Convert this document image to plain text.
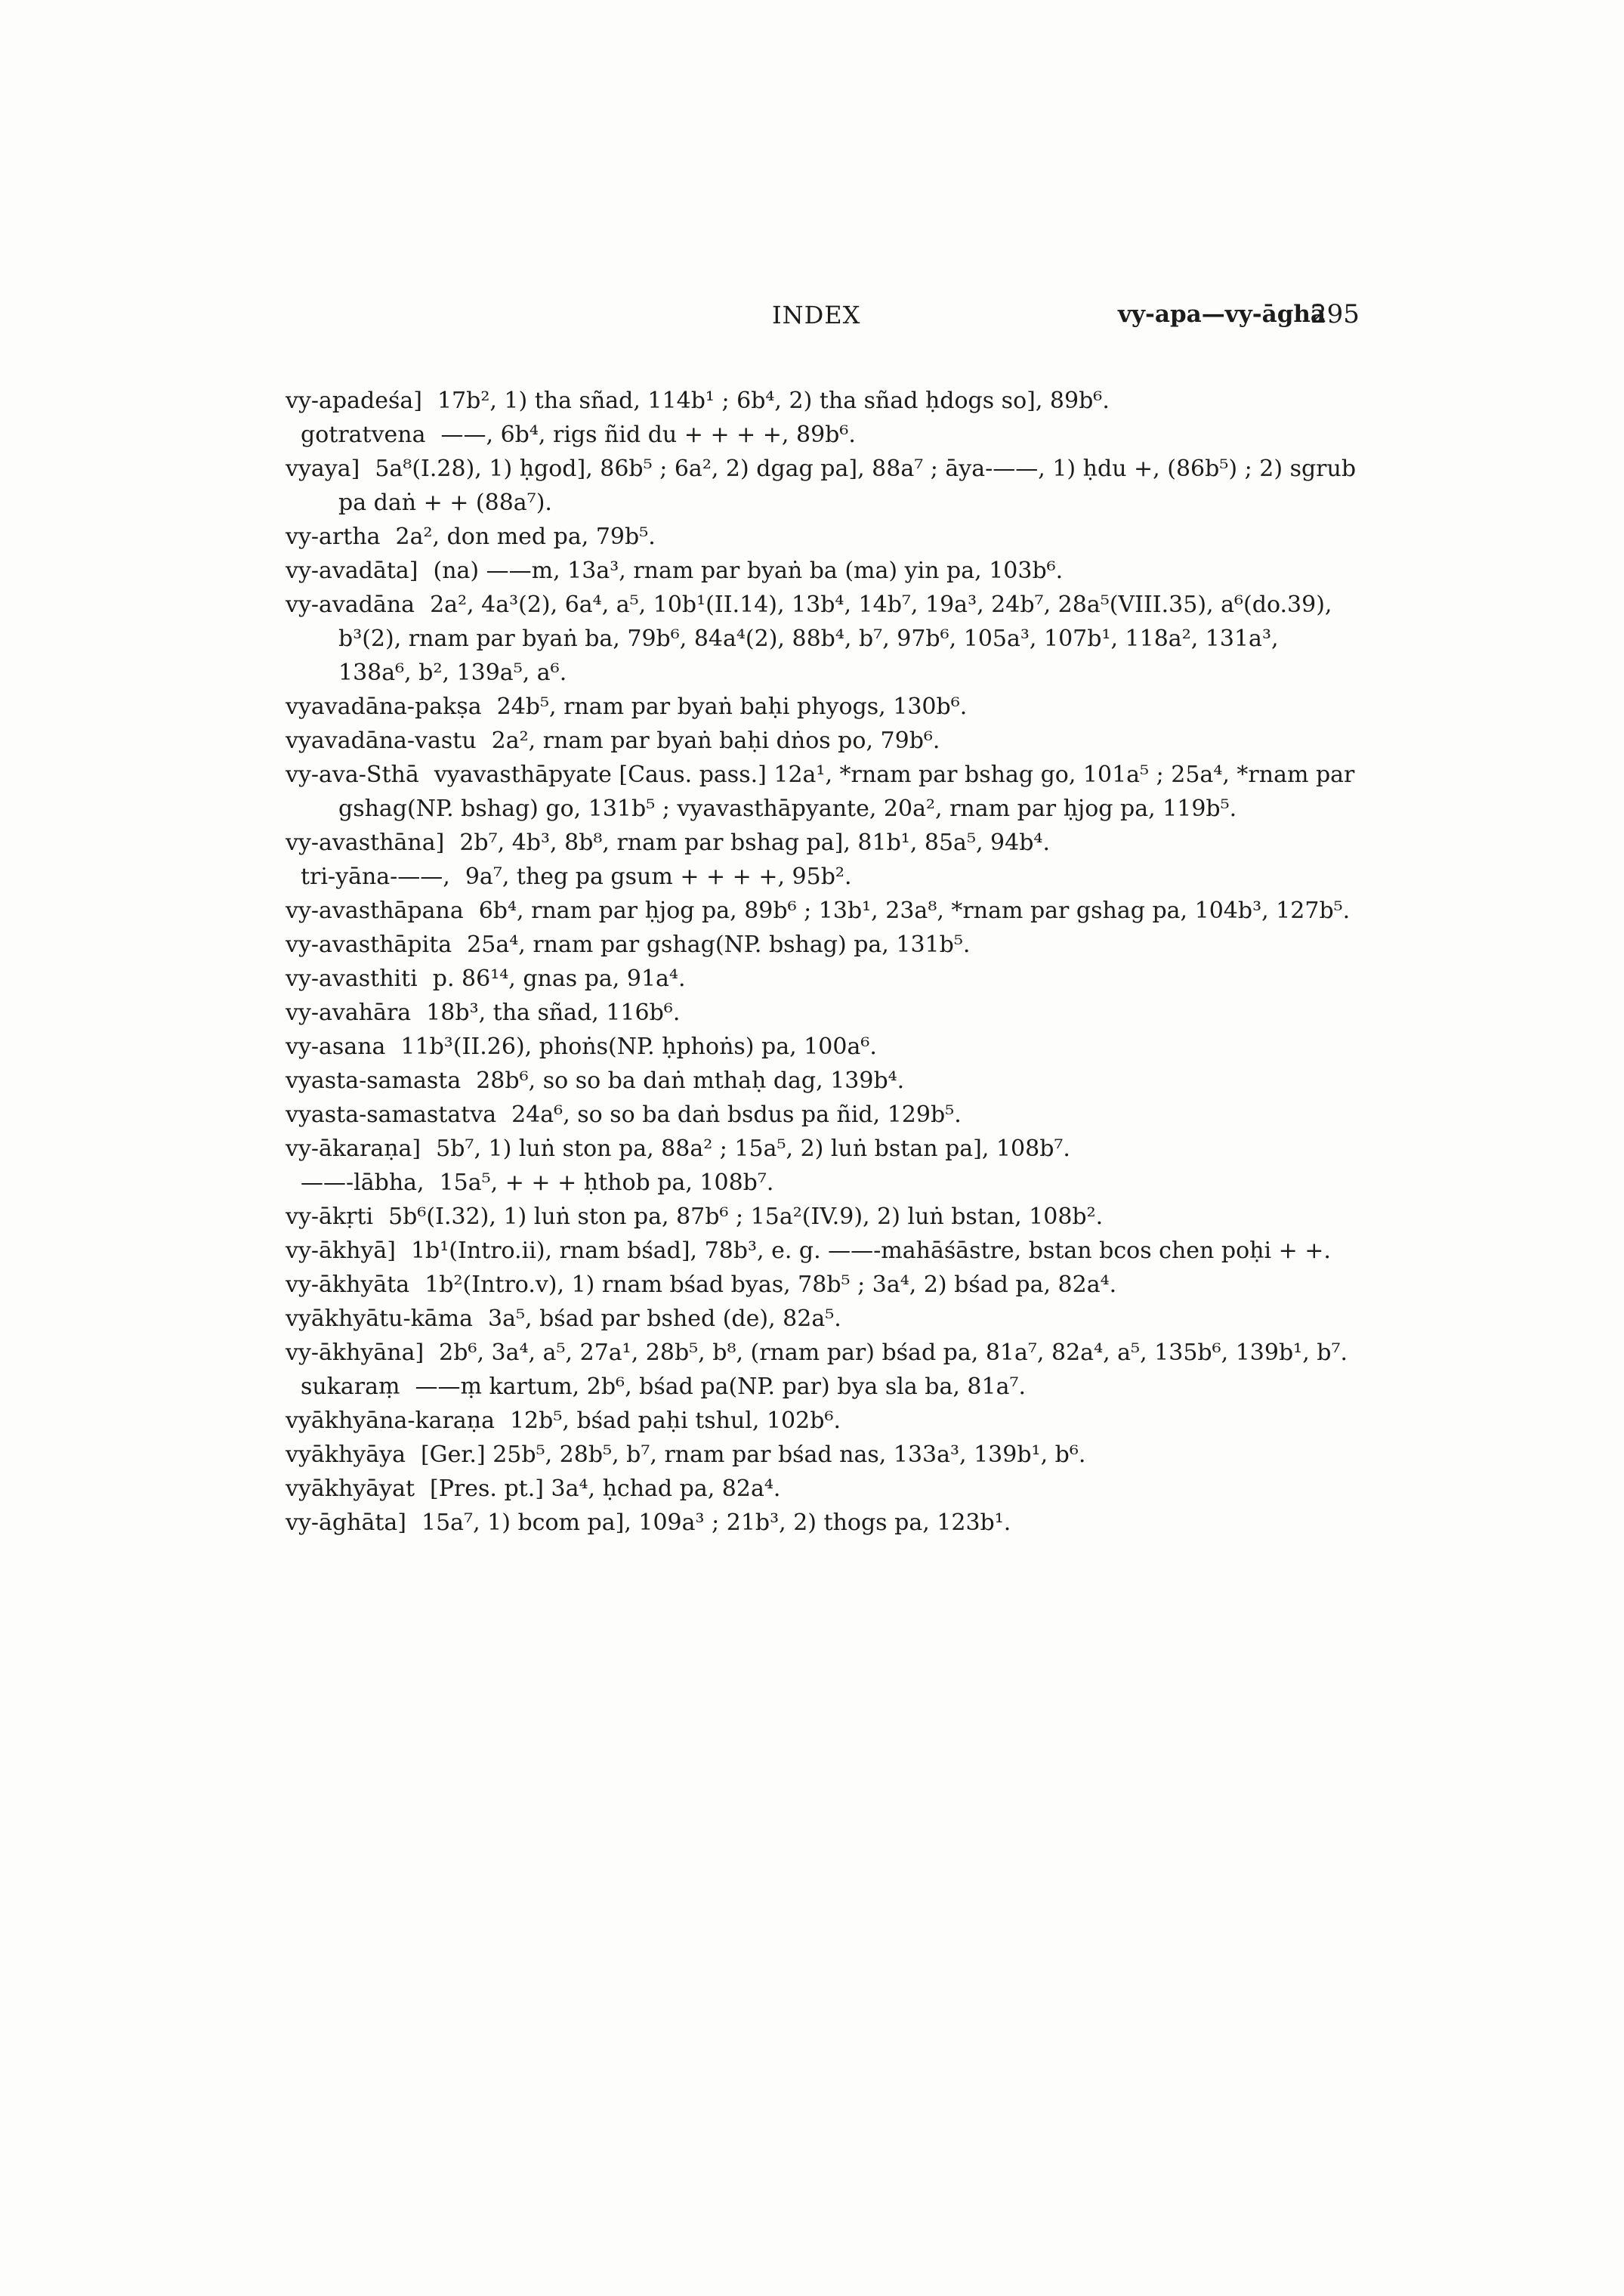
INDEX	vy-apa—vy-āghā
295

vy-apadeśa] 17b², 1) tha sñad, 114b¹ ; 6b⁴, 2) tha sñad ḥdogs so], 89b⁶.

gotratvena ——, 6b⁴, rigs ñid du + + + +, 89b⁶.

vyaya] 5a⁸(I.28), 1) ḥgod], 86b⁵ ; 6a², 2) dgag pa], 88a⁷ ; āya-——, 1) ḥdu +, (86b⁵) ; 2) sgrub pa daṅ + + (88a⁷).

vy-artha 2a², don med pa, 79b⁵.

vy-avadāta] (na) ——m, 13a³, rnam par byaṅ ba (ma) yin pa, 103b⁶.

vy-avadāna 2a², 4a³(2), 6a⁴, a⁵, 10b¹(II.14), 13b⁴, 14b⁷, 19a³, 24b⁷, 28a⁵(VIII.35), a⁶(do.39), b³(2), rnam par byaṅ ba, 79b⁶, 84a⁴(2), 88b⁴, b⁷, 97b⁶, 105a³, 107b¹, 118a², 131a³, 138a⁶, b², 139a⁵, a⁶.

vyavadāna-pakṣa 24b⁵, rnam par byaṅ baḥi phyogs, 130b⁶.

vyavadāna-vastu 2a², rnam par byaṅ baḥi dṅos po, 79b⁶.

vy-ava-Sthā vyavasthāpyate [Caus. pass.] 12a¹, *rnam par bshag go, 101a⁵ ; 25a⁴, *rnam par gshag(NP. bshag) go, 131b⁵ ; vyavasthāpyante, 20a², rnam par ḥjog pa, 119b⁵.

vy-avasthāna] 2b⁷, 4b³, 8b⁸, rnam par bshag pa], 81b¹, 85a⁵, 94b⁴.

tri-yāna-——, 9a⁷, theg pa gsum + + + +, 95b².

vy-avasthāpana 6b⁴, rnam par ḥjog pa, 89b⁶ ; 13b¹, 23a⁸, *rnam par gshag pa, 104b³, 127b⁵.

vy-avasthāpita 25a⁴, rnam par gshag(NP. bshag) pa, 131b⁵.

vy-avasthiti p. 86¹⁴, gnas pa, 91a⁴.

vy-avahāra 18b³, tha sñad, 116b⁶.

vy-asana 11b³(II.26), phoṅs(NP. ḥphoṅs) pa, 100a⁶.

vyasta-samasta 28b⁶, so so ba daṅ mthaḥ dag, 139b⁴.

vyasta-samastatva 24a⁶, so so ba daṅ bsdus pa ñid, 129b⁵.

vy-ākaraṇa] 5b⁷, 1) luṅ ston pa, 88a² ; 15a⁵, 2) luṅ bstan pa], 108b⁷.

——-lābha, 15a⁵, + + + ḥthob pa, 108b⁷.

vy-ākṛti 5b⁶(I.32), 1) luṅ ston pa, 87b⁶ ; 15a²(IV.9), 2) luṅ bstan, 108b².

vy-ākhyā] 1b¹(Intro.ii), rnam bśad], 78b³, e. g. ——-mahāśāstre, bstan bcos chen poḥi + +.

vy-ākhyāta 1b²(Intro.v), 1) rnam bśad byas, 78b⁵ ; 3a⁴, 2) bśad pa, 82a⁴.

vyākhyātu-kāma 3a⁵, bśad par bshed (de), 82a⁵.

vy-ākhyāna] 2b⁶, 3a⁴, a⁵, 27a¹, 28b⁵, b⁸, (rnam par) bśad pa, 81a⁷, 82a⁴, a⁵, 135b⁶, 139b¹, b⁷.

sukaraṃ ——ṃ kartum, 2b⁶, bśad pa(NP. par) bya sla ba, 81a⁷.

vyākhyāna-karaṇa 12b⁵, bśad paḥi tshul, 102b⁶.

vyākhyāya [Ger.] 25b⁵, 28b⁵, b⁷, rnam par bśad nas, 133a³, 139b¹, b⁶.

vyākhyāyat [Pres. pt.] 3a⁴, ḥchad pa, 82a⁴.

vy-āghāta] 15a⁷, 1) bcom pa], 109a³ ; 21b³, 2) thogs pa, 123b¹.
